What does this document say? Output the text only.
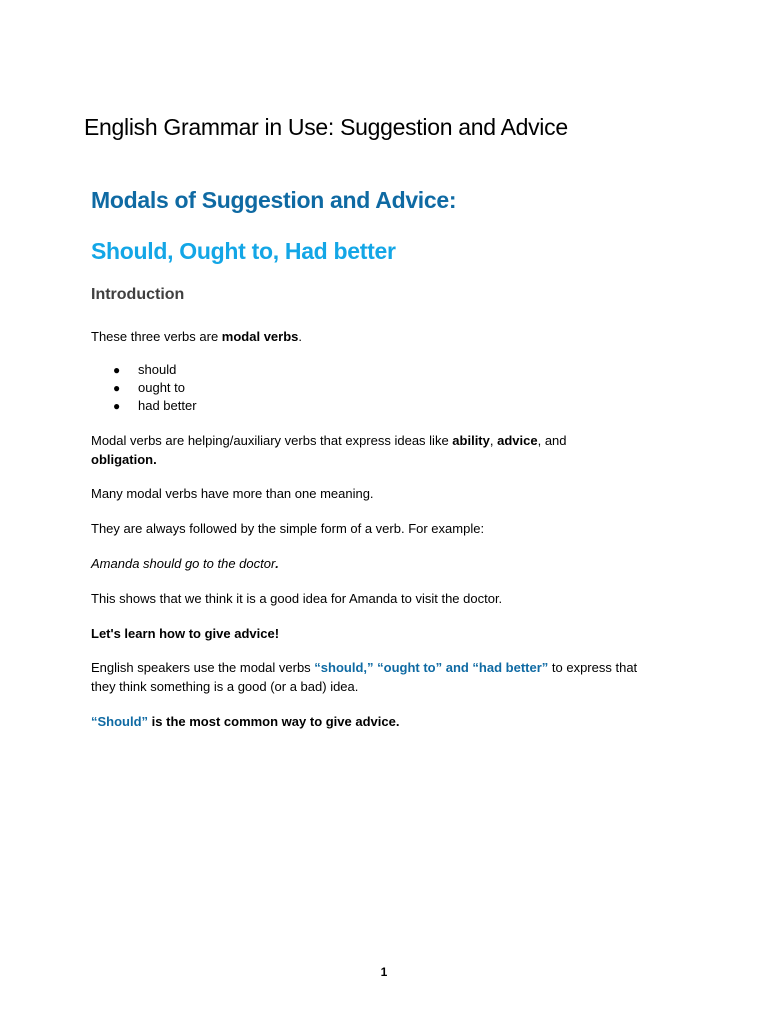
English Grammar in Use: Suggestion and Advice
Modals of Suggestion and Advice:
Should, Ought to, Had better
Introduction

These three verbs are modal verbs.

● should
● ought to
● had better

Modal verbs are helping/auxiliary verbs that express ideas like ability, advice, and
obligation.

Many modal verbs have more than one meaning.

They are always followed by the simple form of a verb. For example:

Amanda should go to the doctor.

This shows that we think it is a good idea for Amanda to visit the doctor.

Let's learn how to give advice!

English speakers use the modal verbs “should,” “ought to” and “had better” to express that
they think something is a good (or a bad) idea.

“Should” is the most common way to give advice.

1
